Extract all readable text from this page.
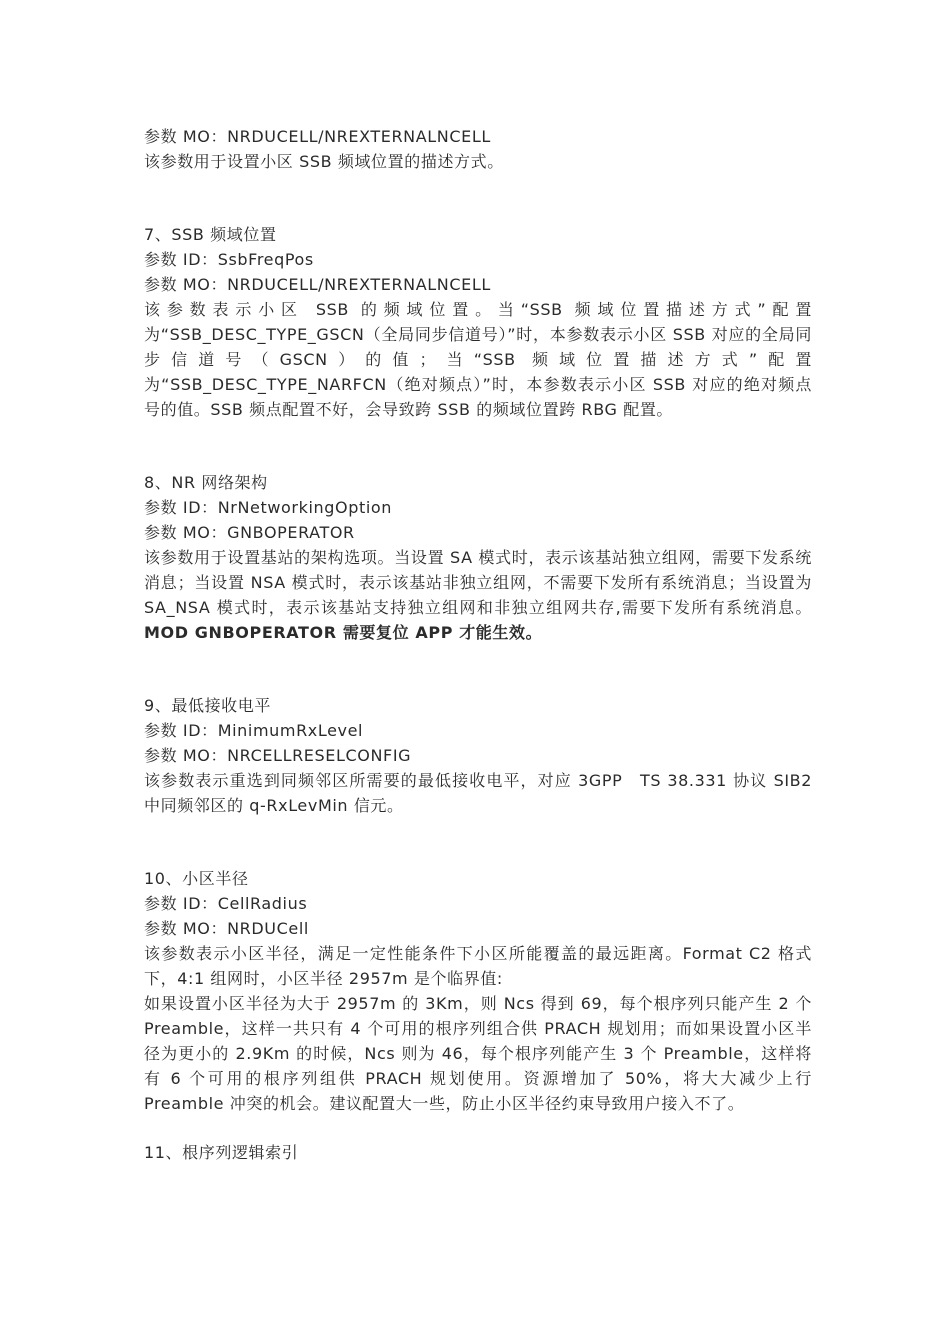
参数 MO：NRDUCELL/NREXTERNALNCELL

该参数用于设置小区 SSB 频域位置的描述方式。

7、SSB 频域位置

参数 ID：SsbFreqPos

参数 MO：NRDUCELL/NREXTERNALNCELL

该参数表示小区 SSB 的频域位置。当“SSB 频域位置描述方式”配置为“SSB_DESC_TYPE_GSCN（全局同步信道号）”时，本参数表示小区 SSB 对应的全局同步信道号（GSCN）的值；当“SSB 频域位置描述方式”配置为“SSB_DESC_TYPE_NARFCN（绝对频点）”时，本参数表示小区 SSB 对应的绝对频点号的值。SSB 频点配置不好，会导致跨 SSB 的频域位置跨 RBG 配置。

8、NR 网络架构

参数 ID：NrNetworkingOption

参数 MO：GNBOPERATOR

该参数用于设置基站的架构选项。当设置 SA 模式时，表示该基站独立组网，需要下发系统消息；当设置 NSA 模式时，表示该基站非独立组网，不需要下发所有系统消息；当设置为 SA_NSA 模式时，表示该基站支持独立组网和非独立组网共存,需要下发所有系统消息。MOD GNBOPERATOR 需要复位 APP 才能生效。

9、最低接收电平

参数 ID：MinimumRxLevel

参数 MO：NRCELLRESELCONFIG

该参数表示重选到同频邻区所需要的最低接收电平，对应 3GPP　TS 38.331 协议 SIB2 中同频邻区的 q-RxLevMin 信元。

10、小区半径

参数 ID：CellRadius

参数 MO：NRDUCell

该参数表示小区半径，满足一定性能条件下小区所能覆盖的最远距离。Format C2 格式下，4:1 组网时，小区半径 2957m 是个临界值:

如果设置小区半径为大于 2957m 的 3Km，则 Ncs 得到 69，每个根序列只能产生 2 个 Preamble，这样一共只有 4 个可用的根序列组合供 PRACH 规划用；而如果设置小区半径为更小的 2.9Km 的时候，Ncs 则为 46，每个根序列能产生 3 个 Preamble，这样将有 6 个可用的根序列组供 PRACH 规划使用。资源增加了 50%，将大大减少上行 Preamble 冲突的机会。建议配置大一些，防止小区半径约束导致用户接入不了。

11、根序列逻辑索引
